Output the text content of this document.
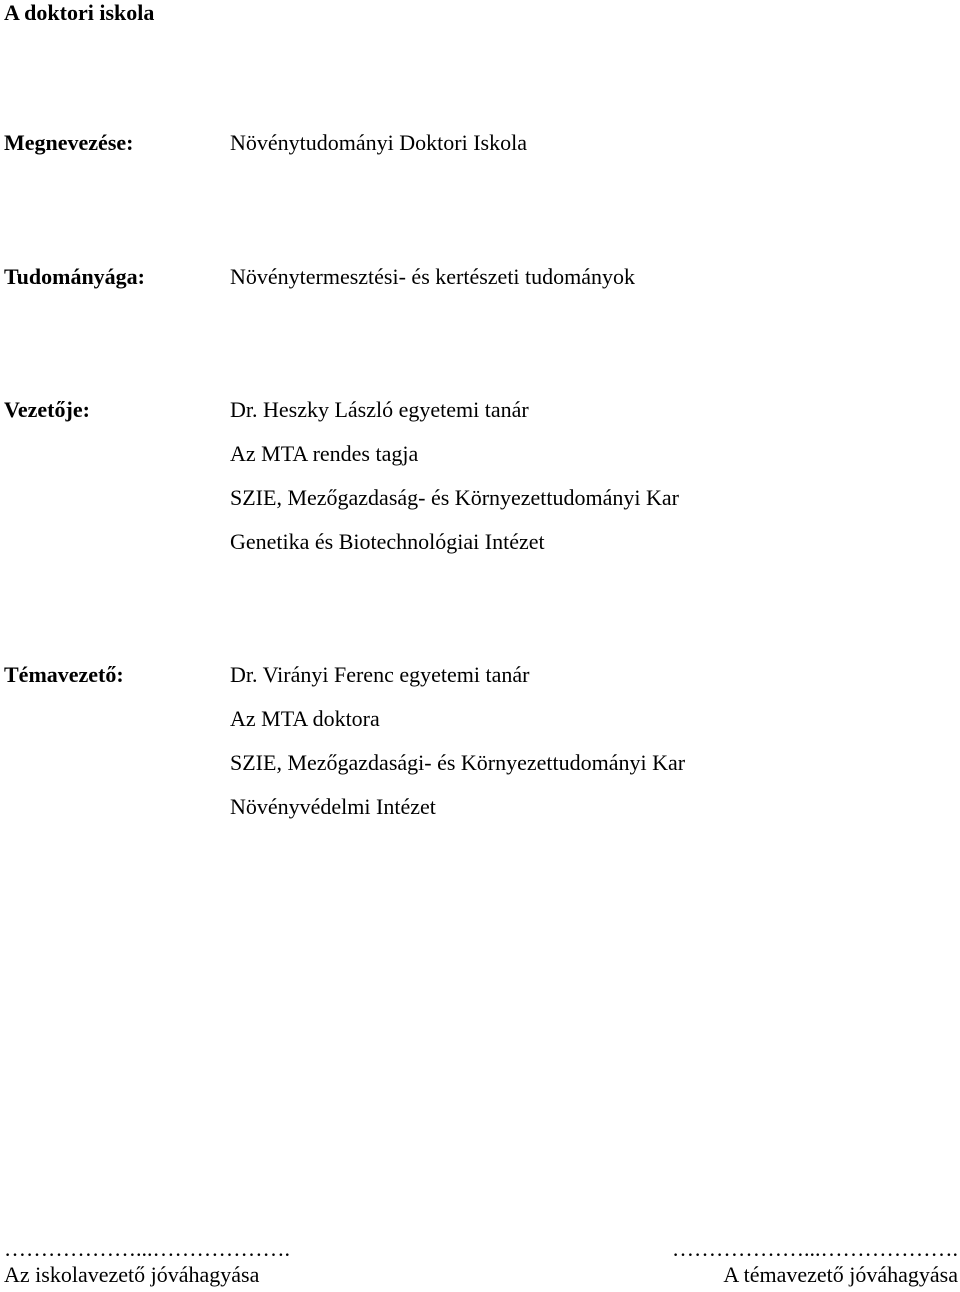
A doktori iskola
Megnevezése:	Növénytudományi Doktori Iskola
Tudományága:	Növénytermesztési- és kertészeti tudományok
Vezetője:	Dr. Heszky László egyetemi tanár
Az MTA rendes tagja
SZIE, Mezőgazdaság- és Környezettudományi Kar
Genetika és Biotechnológiai Intézet
Témavezető:	Dr. Virányi Ferenc egyetemi tanár
Az MTA doktora
SZIE, Mezőgazdasági- és Környezettudományi Kar
Növényvédelmi Intézet
………………...……………….
Az iskolavezető jóváhagyása
………………...……………….
A témavezető jóváhagyása
